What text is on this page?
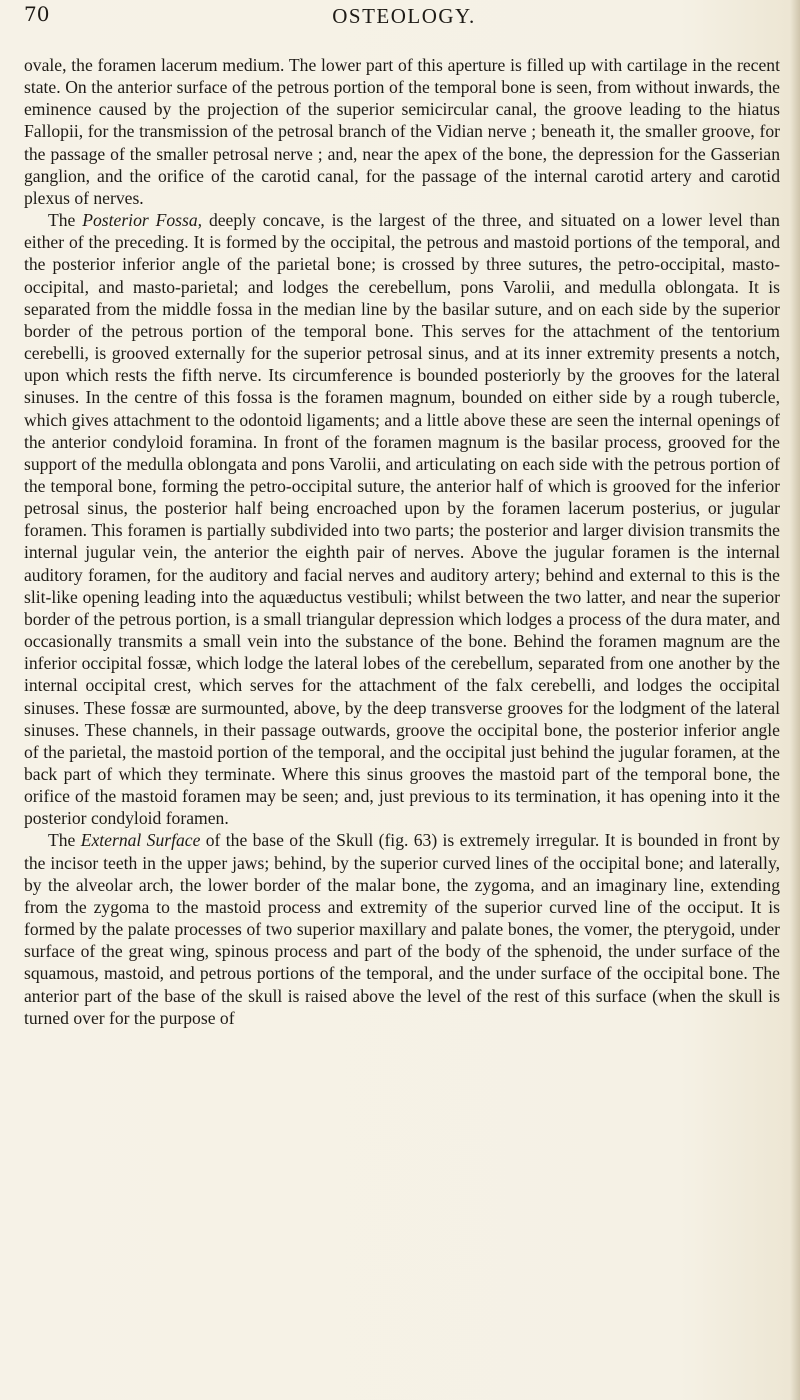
70	OSTEOLOGY.

ovale, the foramen lacerum medium. The lower part of this aperture is filled up with cartilage in the recent state. On the anterior surface of the petrous portion of the temporal bone is seen, from without inwards, the eminence caused by the projection of the superior semicircular canal, the groove leading to the hiatus Fallopii, for the transmission of the petrosal branch of the Vidian nerve ; beneath it, the smaller groove, for the passage of the smaller petrosal nerve ; and, near the apex of the bone, the depression for the Gasserian ganglion, and the orifice of the carotid canal, for the passage of the internal carotid artery and carotid plexus of nerves.

The Posterior Fossa, deeply concave, is the largest of the three, and situated on a lower level than either of the preceding. It is formed by the occipital, the petrous and mastoid portions of the temporal, and the posterior inferior angle of the parietal bone; is crossed by three sutures, the petro-occipital, masto-occipital, and masto-parietal; and lodges the cerebellum, pons Varolii, and medulla oblongata. It is separated from the middle fossa in the median line by the basilar suture, and on each side by the superior border of the petrous portion of the temporal bone. This serves for the attachment of the tentorium cerebelli, is grooved externally for the superior petrosal sinus, and at its inner extremity presents a notch, upon which rests the fifth nerve. Its circumference is bounded posteriorly by the grooves for the lateral sinuses. In the centre of this fossa is the foramen magnum, bounded on either side by a rough tubercle, which gives attachment to the odontoid ligaments; and a little above these are seen the internal openings of the anterior condyloid foramina. In front of the foramen magnum is the basilar process, grooved for the support of the medulla oblongata and pons Varolii, and articulating on each side with the petrous portion of the temporal bone, forming the petro-occipital suture, the anterior half of which is grooved for the inferior petrosal sinus, the posterior half being encroached upon by the foramen lacerum posterius, or jugular foramen. This foramen is partially subdivided into two parts; the posterior and larger division transmits the internal jugular vein, the anterior the eighth pair of nerves. Above the jugular foramen is the internal auditory foramen, for the auditory and facial nerves and auditory artery; behind and external to this is the slit-like opening leading into the aquæductus vestibuli; whilst between the two latter, and near the superior border of the petrous portion, is a small triangular depression which lodges a process of the dura mater, and occasionally transmits a small vein into the substance of the bone. Behind the foramen magnum are the inferior occipital fossæ, which lodge the lateral lobes of the cerebellum, separated from one another by the internal occipital crest, which serves for the attachment of the falx cerebelli, and lodges the occipital sinuses. These fossæ are surmounted, above, by the deep transverse grooves for the lodgment of the lateral sinuses. These channels, in their passage outwards, groove the occipital bone, the posterior inferior angle of the parietal, the mastoid portion of the temporal, and the occipital just behind the jugular foramen, at the back part of which they terminate. Where this sinus grooves the mastoid part of the temporal bone, the orifice of the mastoid foramen may be seen; and, just previous to its termination, it has opening into it the posterior condyloid foramen.

The External Surface of the base of the Skull (fig. 63) is extremely irregular. It is bounded in front by the incisor teeth in the upper jaws; behind, by the superior curved lines of the occipital bone; and laterally, by the alveolar arch, the lower border of the malar bone, the zygoma, and an imaginary line, extending from the zygoma to the mastoid process and extremity of the superior curved line of the occiput. It is formed by the palate processes of two superior maxillary and palate bones, the vomer, the pterygoid, under surface of the great wing, spinous process and part of the body of the sphenoid, the under surface of the squamous, mastoid, and petrous portions of the temporal, and the under surface of the occipital bone. The anterior part of the base of the skull is raised above the level of the rest of this surface (when the skull is turned over for the purpose of
